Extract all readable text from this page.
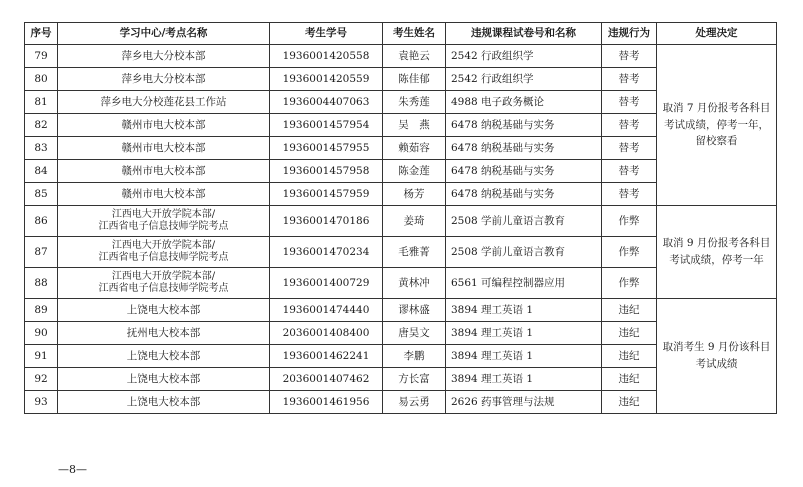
序号	学习中心/考点名称	考生学号	考生姓名	违规课程试卷号和名称	违规行为	处理决定
79	萍乡电大分校本部	1936001420558	袁艳云	2542 行政组织学	替考	取消 7 月份报考各科目考试成绩，停考一年，留校察看
80	萍乡电大分校本部	1936001420559	陈佳郁	2542 行政组织学	替考	
81	萍乡电大分校莲花县工作站	1936004407063	朱秀莲	4988 电子政务概论	替考	
82	赣州市电大校本部	1936001457954	吴　燕	6478 纳税基础与实务	替考	
83	赣州市电大校本部	1936001457955	赖茹容	6478 纳税基础与实务	替考	
84	赣州市电大校本部	1936001457958	陈金莲	6478 纳税基础与实务	替考	
85	赣州市电大校本部	1936001457959	杨芳	6478 纳税基础与实务	替考	
86	江西电大开放学院本部/
江西省电子信息技师学院考点	1936001470186	姜琦	2508 学前儿童语言教育	作弊	取消 9 月份报考各科目考试成绩，停考一年
87	江西电大开放学院本部/
江西省电子信息技师学院考点	1936001470234	毛雅菁	2508 学前儿童语言教育	作弊	
88	江西电大开放学院本部/
江西省电子信息技师学院考点	1936001400729	黄林冲	6561 可编程控制器应用	作弊	
89	上饶电大校本部	1936001474440	谬林盛	3894 理工英语 1	违纪	取消考生 9 月份该科目考试成绩
90	抚州电大校本部	2036001408400	唐昊文	3894 理工英语 1	违纪	
91	上饶电大校本部	1936001462241	李鹏	3894 理工英语 1	违纪	
92	上饶电大校本部	2036001407462	方长富	3894 理工英语 1	违纪	
93	上饶电大校本部	1936001461956	易云勇	2626 药事管理与法规	违纪	
—8—
